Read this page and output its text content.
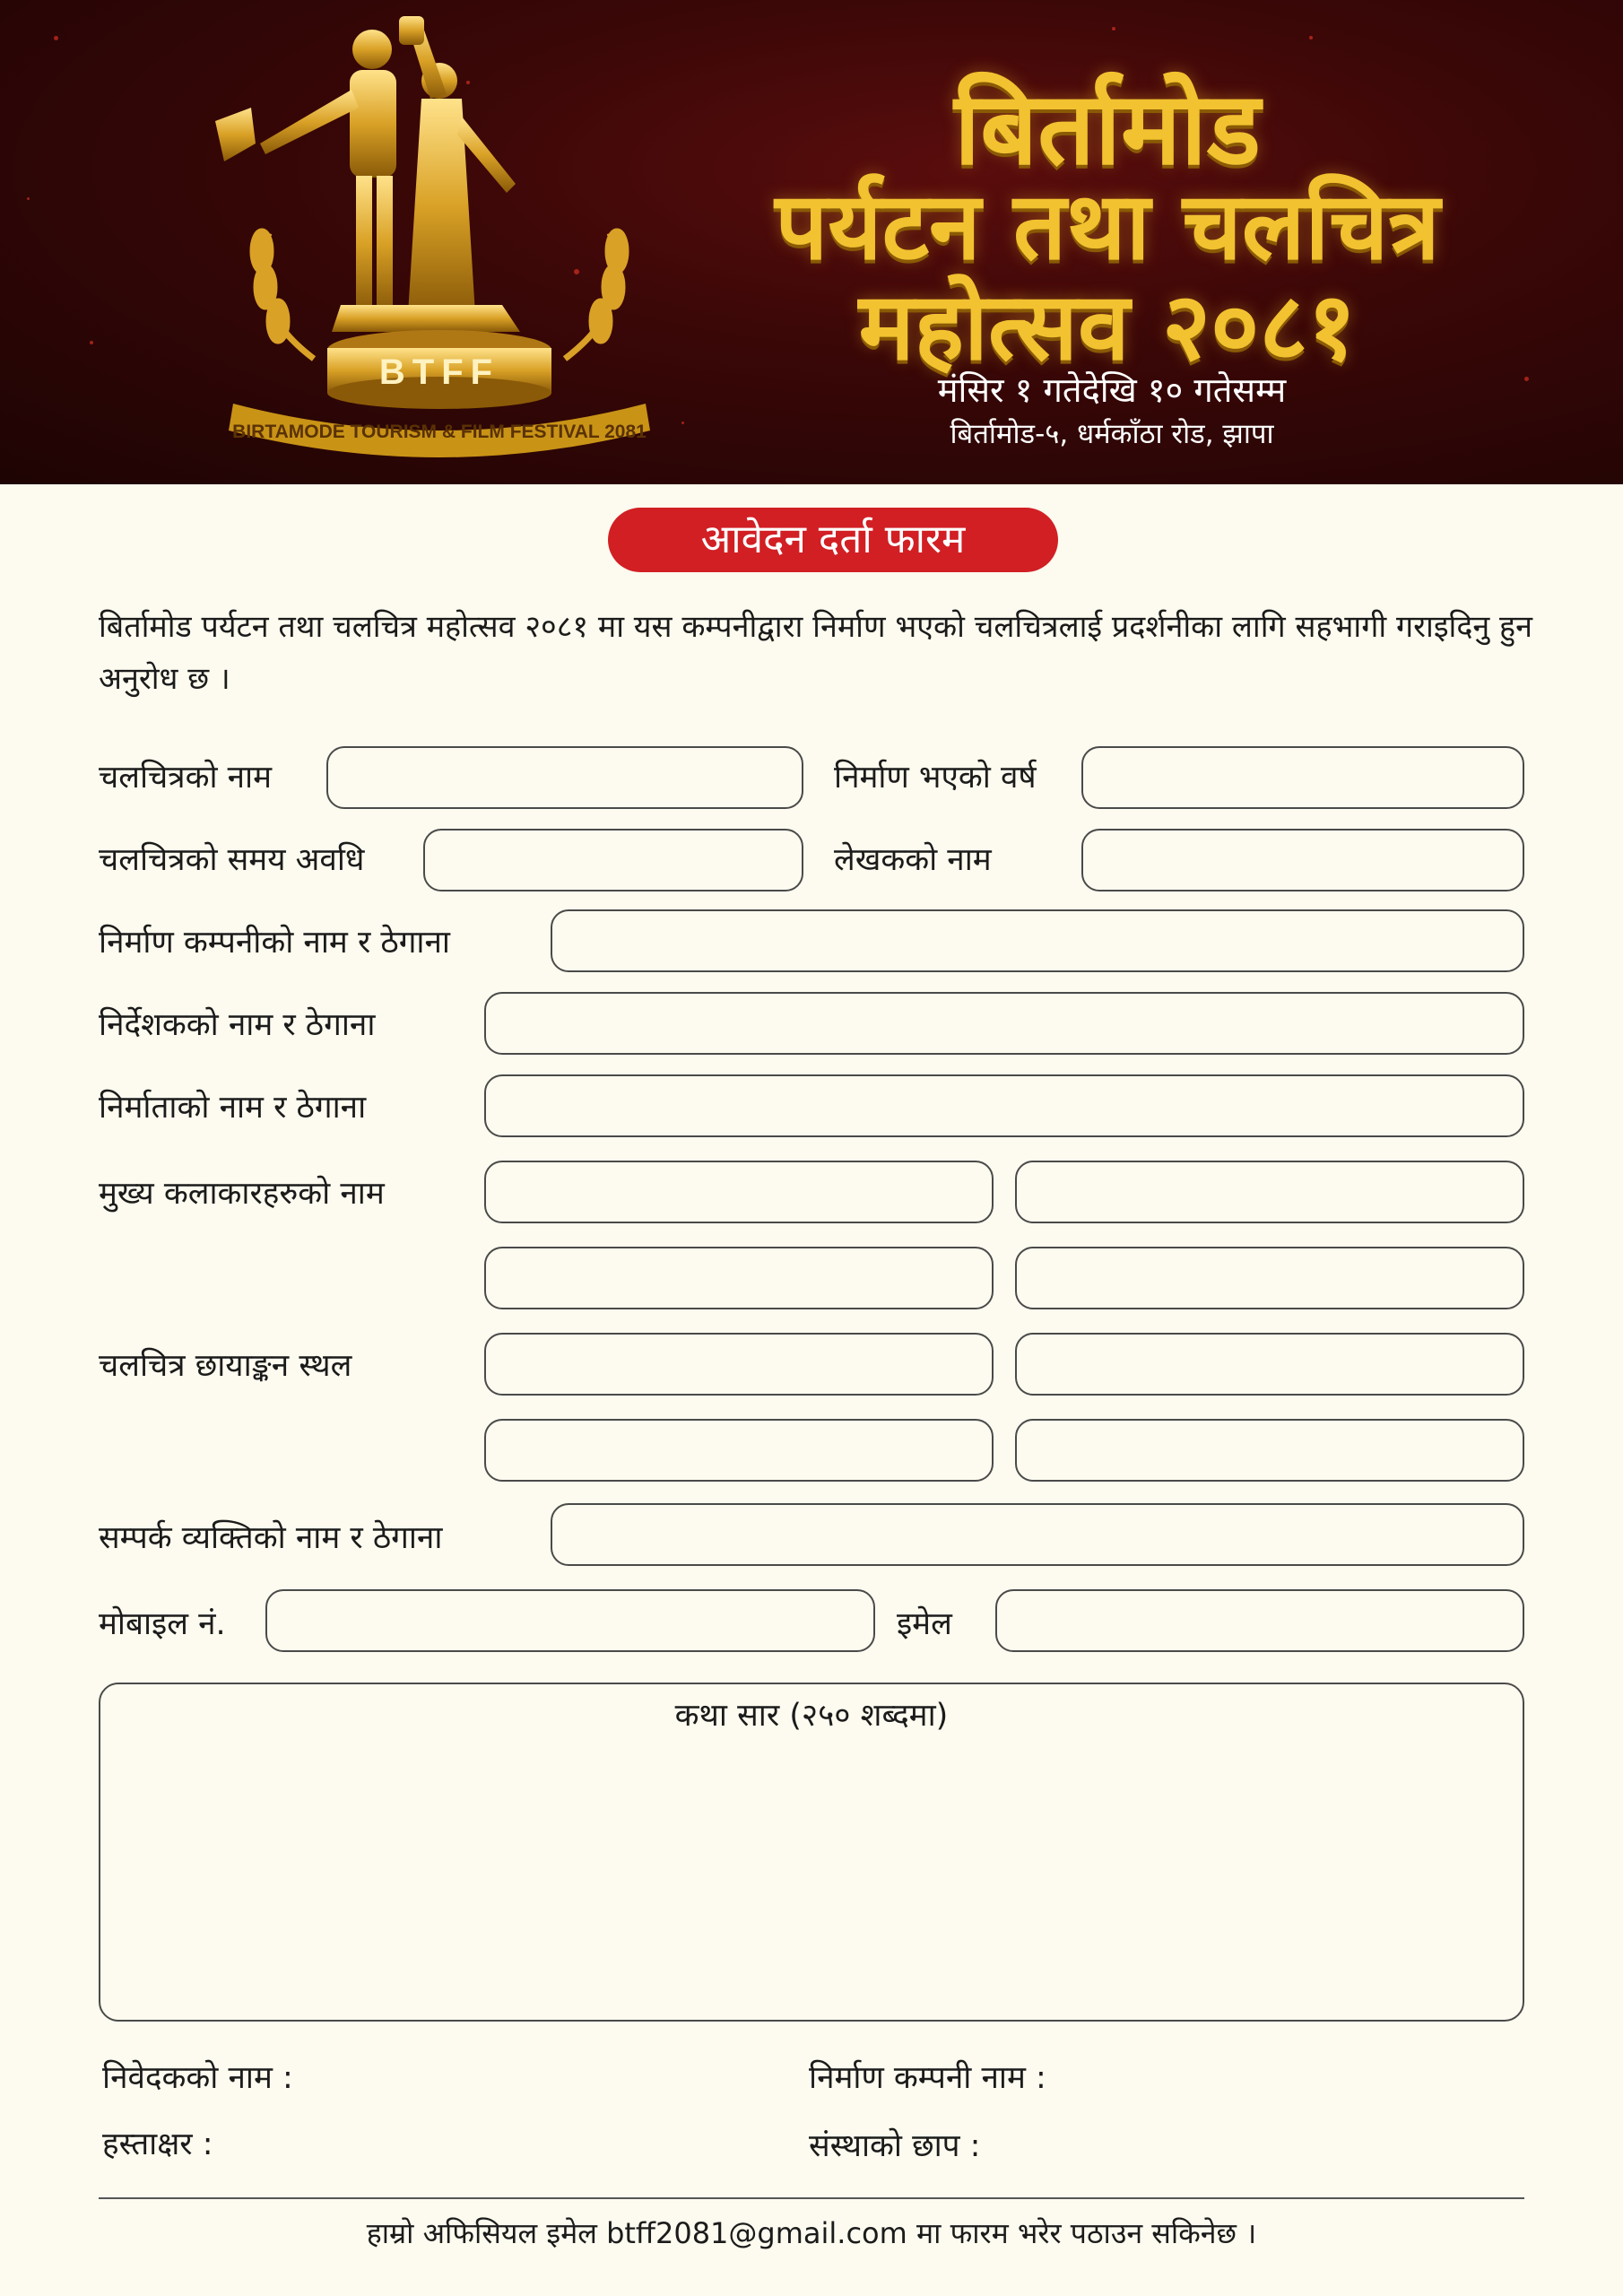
BTFF
BIRTAMODE TOURISM & FILM FESTIVAL 2081
बिर्तामोड
पर्यटन तथा चलचित्र
महोत्सव २०८१
मंसिर १ गतेदेखि १० गतेसम्म
बिर्तामोड-५, धर्मकाँठा रोड, झापा
आवेदन दर्ता फारम
बिर्तामोड पर्यटन तथा चलचित्र महोत्सव २०८१ मा यस कम्पनीद्वारा निर्माण भएको चलचित्रलाई प्रदर्शनीका लागि सहभागी गराइदिनु हुन अनुरोध छ ।
चलचित्रको नाम	निर्माण भएको वर्ष
चलचित्रको समय अवधि	लेखकको नाम
निर्माण कम्पनीको नाम र ठेगाना
निर्देशकको नाम र ठेगाना
निर्माताको नाम र ठेगाना
मुख्य कलाकारहरुको नाम
चलचित्र छायाङ्कन स्थल
सम्पर्क व्यक्तिको नाम र ठेगाना
मोबाइल नं.	इमेल
कथा सार (२५० शब्दमा)
निवेदकको नाम :	निर्माण कम्पनी नाम :
हस्ताक्षर :	संस्थाको छाप :
हाम्रो अफिसियल इमेल btff2081@gmail.com मा फारम भरेर पठाउन सकिनेछ ।
